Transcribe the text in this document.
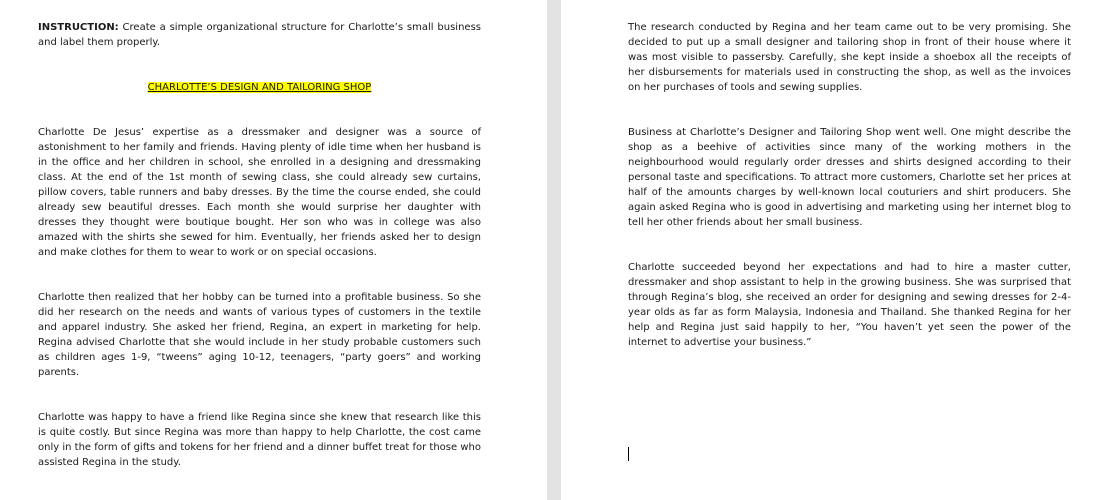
INSTRUCTION: Create a simple organizational structure for Charlotte’s small business and label them properly.

CHARLOTTE’S DESIGN AND TAILORING SHOP

Charlotte De Jesus’ expertise as a dressmaker and designer was a source of astonishment to her family and friends. Having plenty of idle time when her husband is in the office and her children in school, she enrolled in a designing and dressmaking class. At the end of the 1st month of sewing class, she could already sew curtains, pillow covers, table runners and baby dresses. By the time the course ended, she could already sew beautiful dresses. Each month she would surprise her daughter with dresses they thought were boutique bought. Her son who was in college was also amazed with the shirts she sewed for him. Eventually, her friends asked her to design and make clothes for them to wear to work or on special occasions.

Charlotte then realized that her hobby can be turned into a profitable business. So she did her research on the needs and wants of various types of customers in the textile and apparel industry. She asked her friend, Regina, an expert in marketing for help. Regina advised Charlotte that she would include in her study probable customers such as children ages 1-9, “tweens” aging 10-12, teenagers, “party goers” and working parents.

Charlotte was happy to have a friend like Regina since she knew that research like this is quite costly. But since Regina was more than happy to help Charlotte, the cost came only in the form of gifts and tokens for her friend and a dinner buffet treat for those who assisted Regina in the study.

The research conducted by Regina and her team came out to be very promising. She decided to put up a small designer and tailoring shop in front of their house where it was most visible to passersby. Carefully, she kept inside a shoebox all the receipts of her disbursements for materials used in constructing the shop, as well as the invoices on her purchases of tools and sewing supplies.

Business at Charlotte’s Designer and Tailoring Shop went well. One might describe the shop as a beehive of activities since many of the working mothers in the neighbourhood would regularly order dresses and shirts designed according to their personal taste and specifications. To attract more customers, Charlotte set her prices at half of the amounts charges by well-known local couturiers and shirt producers. She again asked Regina who is good in advertising and marketing using her internet blog to tell her other friends about her small business.

Charlotte succeeded beyond her expectations and had to hire a master cutter, dressmaker and shop assistant to help in the growing business. She was surprised that through Regina’s blog, she received an order for designing and sewing dresses for 2-4-year olds as far as form Malaysia, Indonesia and Thailand. She thanked Regina for her help and Regina just said happily to her, “You haven’t yet seen the power of the internet to advertise your business.”
